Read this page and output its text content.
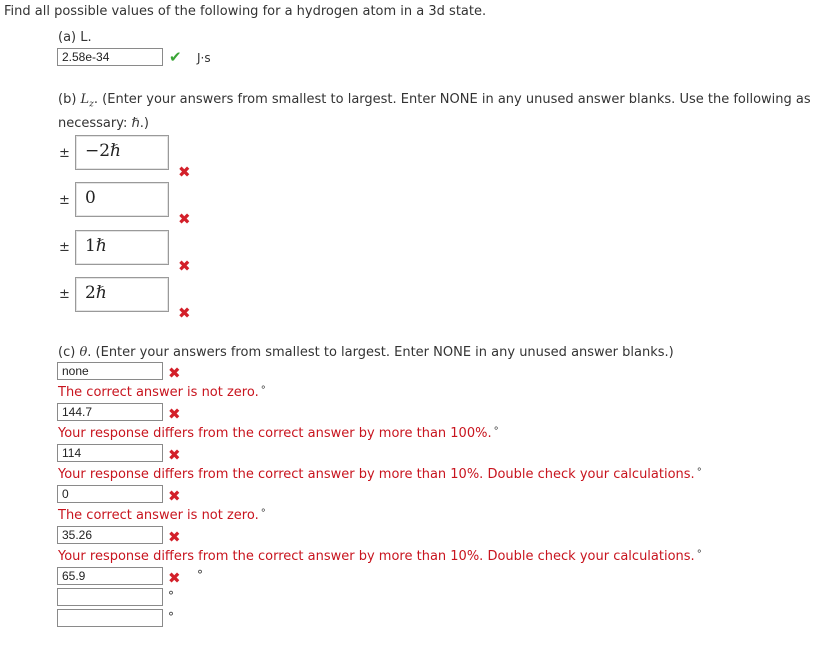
Find all possible values of the following for a hydrogen atom in a 3d state.
(a) L.
2.58e-34	✔ J·s
(b) $L_z$. (Enter your answers from smallest to largest. Enter NONE in any unused answer blanks. Use the following as
necessary: ℏ.)
± −2ℏ
✖
± 0
✖
± 1ℏ
✖
± 2ℏ
✖
(c) θ. (Enter your answers from smallest to largest. Enter NONE in any unused answer blanks.)
none	✖
The correct answer is not zero. °
144.7	✖
Your response differs from the correct answer by more than 100%. °
114	✖
Your response differs from the correct answer by more than 10%. Double check your calculations. °
0	✖
The correct answer is not zero. °
35.26	✖
Your response differs from the correct answer by more than 10%. Double check your calculations. °
65.9	✖ °
°
°
